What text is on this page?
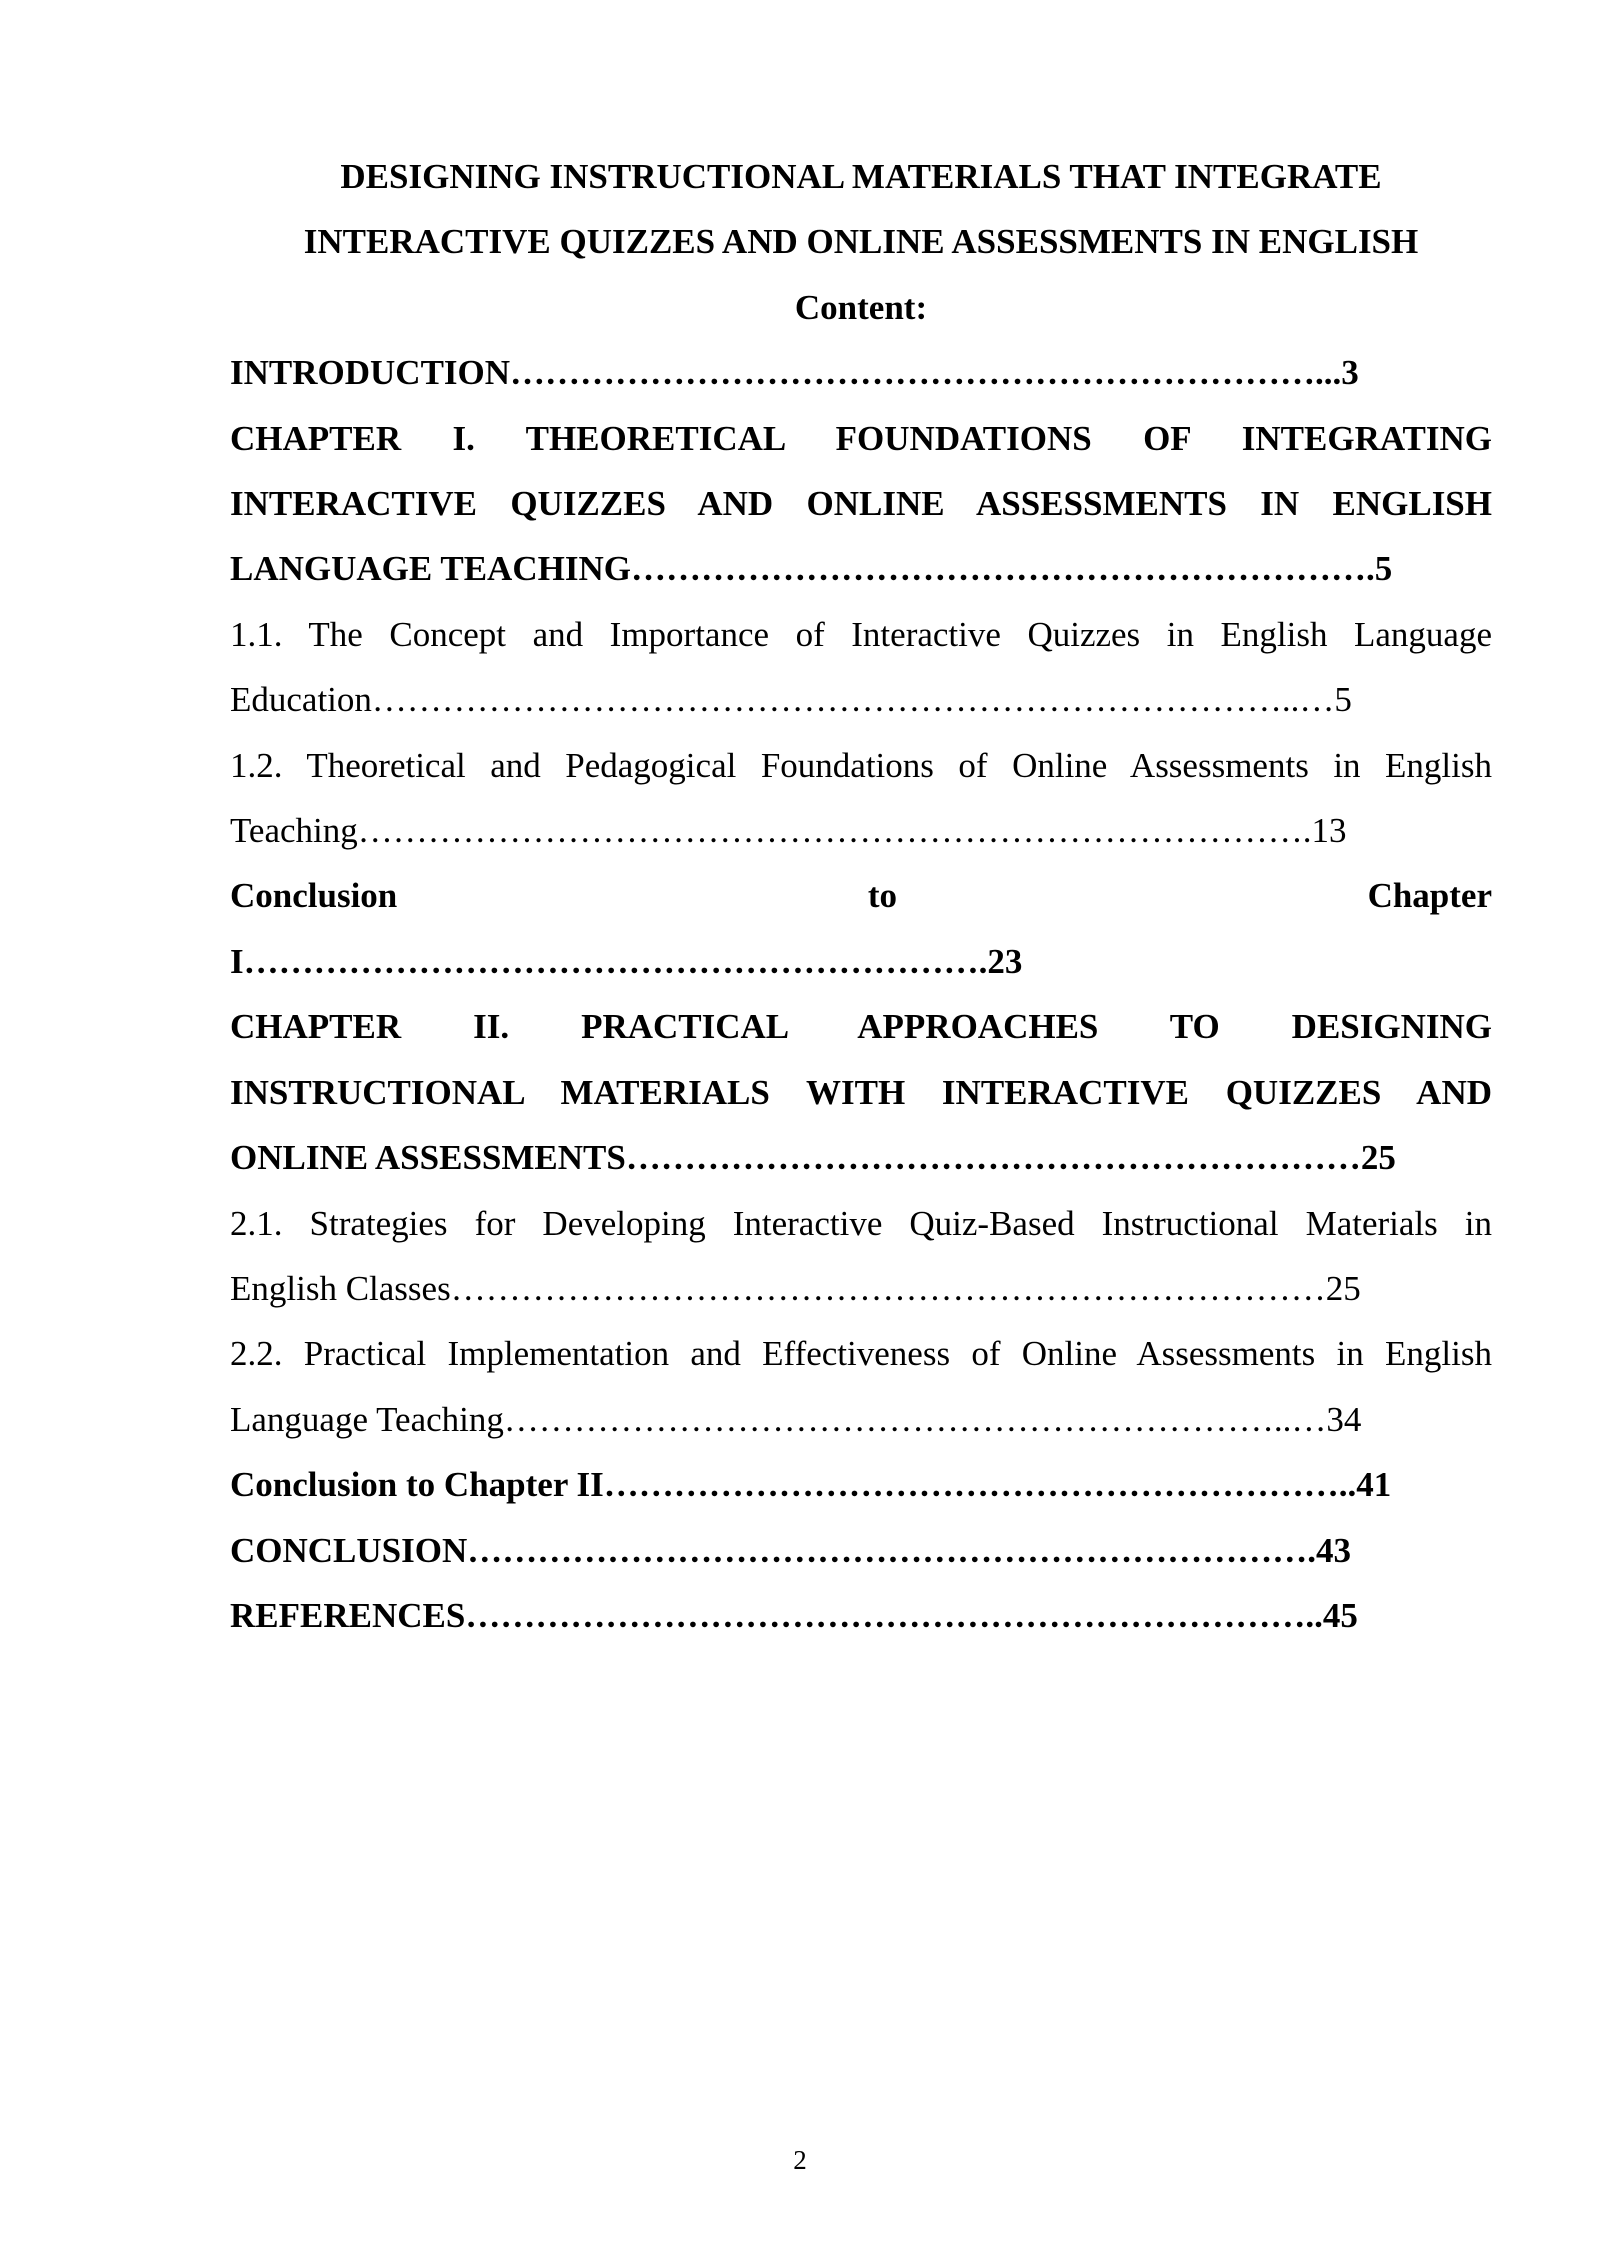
DESIGNING INSTRUCTIONAL MATERIALS THAT INTEGRATE
INTERACTIVE QUIZZES AND ONLINE ASSESSMENTS IN ENGLISH
Content:
INTRODUCTION……………………………………………………………...3
CHAPTER I. THEORETICAL FOUNDATIONS OF INTEGRATING
INTERACTIVE QUIZZES AND ONLINE ASSESSMENTS IN ENGLISH
LANGUAGE TEACHING……………………………………………………….5
1.1. The Concept and Importance of Interactive Quizzes in English Language
Education……………………………………………………………………..…5
1.2. Theoretical and Pedagogical Foundations of Online Assessments in English
Teaching……………………………………………………………………….13
Conclusion	to	Chapter
I……………………………………………………….23
CHAPTER II. PRACTICAL APPROACHES TO DESIGNING
INSTRUCTIONAL MATERIALS WITH INTERACTIVE QUIZZES AND
ONLINE ASSESSMENTS………………………………………………………25
2.1. Strategies for Developing Interactive Quiz-Based Instructional Materials in
English Classes…………………………………………………………………25
2.2. Practical Implementation and Effectiveness of Online Assessments in English
Language Teaching…………………………………………………………..…34
Conclusion to Chapter II………………………………………………………..41
CONCLUSION……………………………………………………………….43
REFERENCES………………………………………………………………..45
2
